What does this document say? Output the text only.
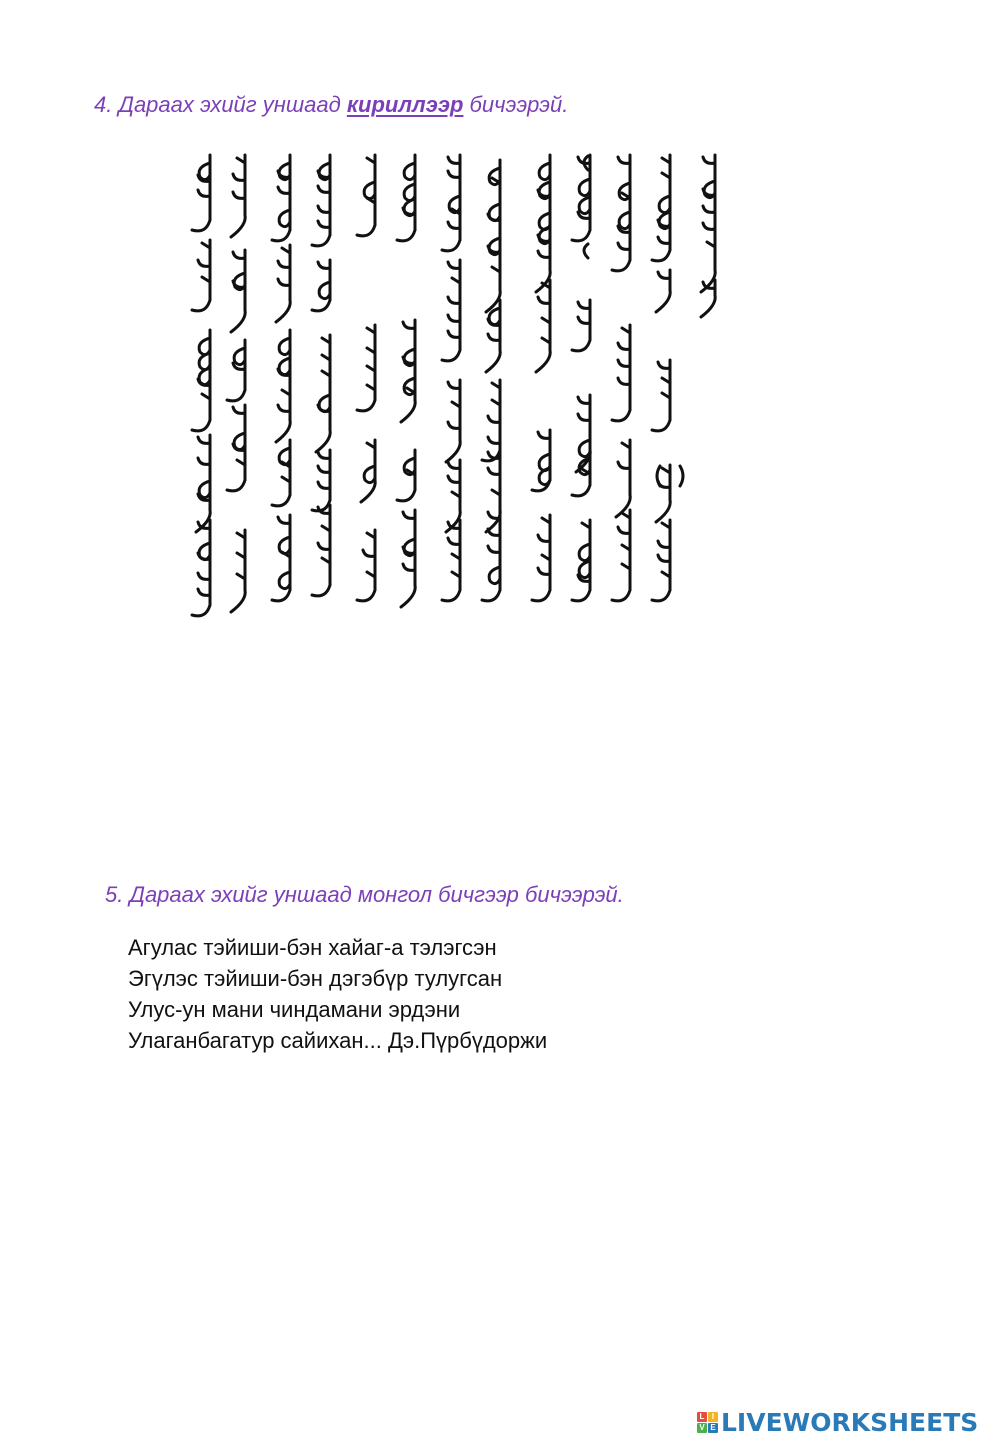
4. Дараах эхийг уншаад кириллээр бичээрэй.
5. Дараах эхийг уншаад монгол бичгээр бичээрэй.
Агулас тэйиши-бэн хайаг-а тэлэгсэн
Эгүлэс тэйиши-бэн дэгэбүр тулугсан
Улус-ун мани чиндамани эрдэни
Улаганбагатур сайихан... Дэ.Пүрбүдоржи
L I
V E LIVEWORKSHEETS
